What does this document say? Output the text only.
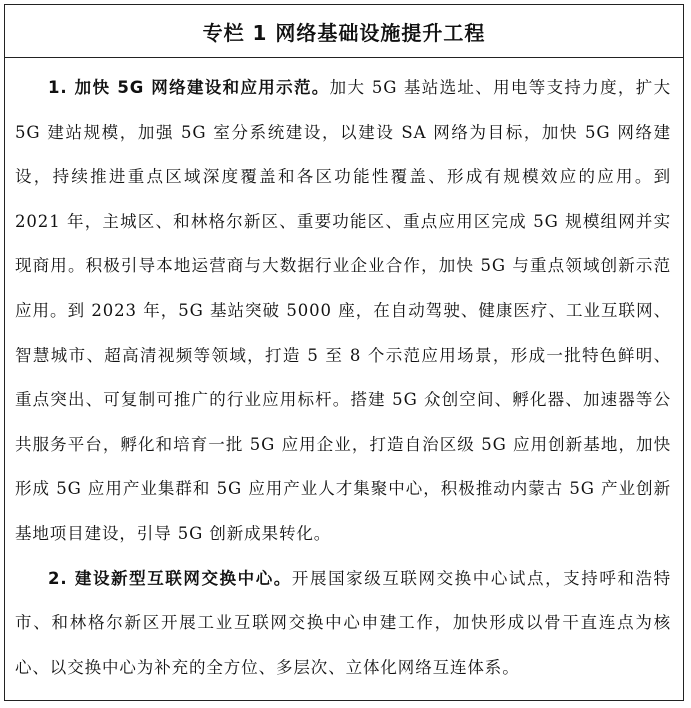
专栏 1 网络基础设施提升工程

1. 加快 5G 网络建设和应用示范。加大 5G 基站选址、用电等支持力度，扩大 5G 建站规模，加强 5G 室分系统建设，以建设 SA 网络为目标，加快 5G 网络建设，持续推进重点区域深度覆盖和各区功能性覆盖、形成有规模效应的应用。到 2021 年，主城区、和林格尔新区、重要功能区、重点应用区完成 5G 规模组网并实现商用。积极引导本地运营商与大数据行业企业合作，加快 5G 与重点领域创新示范应用。到 2023 年，5G 基站突破 5000 座，在自动驾驶、健康医疗、工业互联网、智慧城市、超高清视频等领域，打造 5 至 8 个示范应用场景，形成一批特色鲜明、重点突出、可复制可推广的行业应用标杆。搭建 5G 众创空间、孵化器、加速器等公共服务平台，孵化和培育一批 5G 应用企业，打造自治区级 5G 应用创新基地，加快形成 5G 应用产业集群和 5G 应用产业人才集聚中心，积极推动内蒙古 5G 产业创新基地项目建设，引导 5G 创新成果转化。

2. 建设新型互联网交换中心。开展国家级互联网交换中心试点，支持呼和浩特市、和林格尔新区开展工业互联网交换中心申建工作，加快形成以骨干直连点为核心、以交换中心为补充的全方位、多层次、立体化网络互连体系。
